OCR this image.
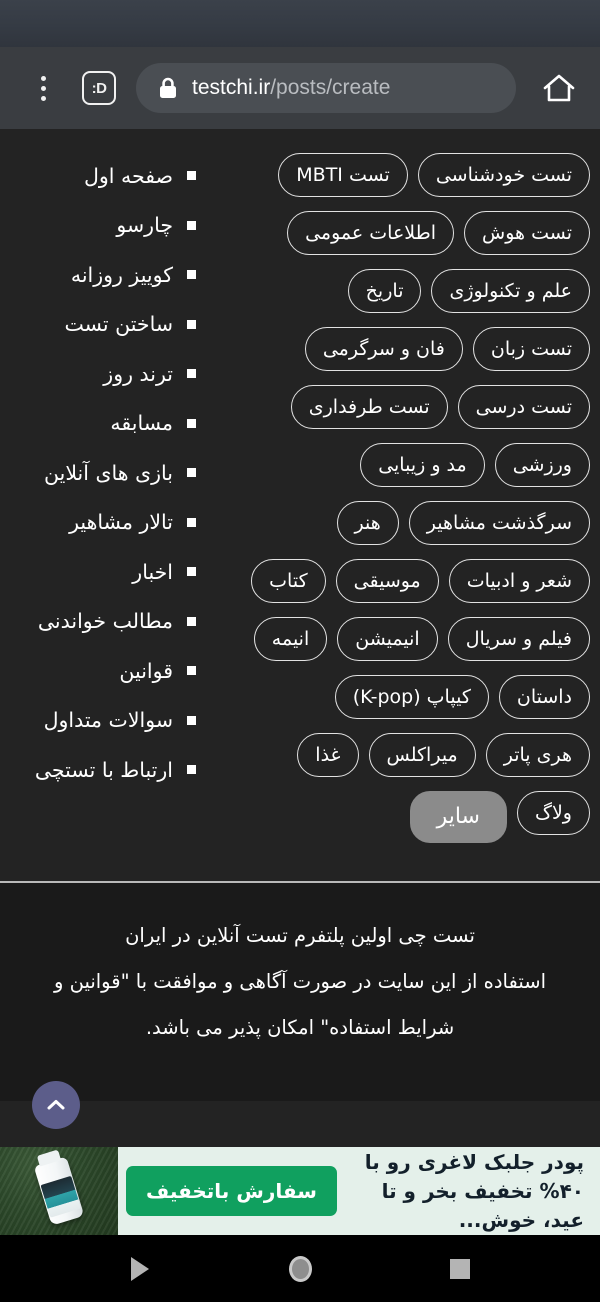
:D	testchi.ir/posts/create
تست خودشناسی
تست MBTI
تست هوش
اطلاعات عمومی
علم و تکنولوژی
تاریخ
تست زبان
فان و سرگرمی
تست درسی
تست طرفداری
ورزشی
مد و زیبایی
سرگذشت مشاهیر
هنر
شعر و ادبیات
موسیقی
کتاب
فیلم و سریال
انیمیشن
انیمه
داستان
کیپاپ (K-pop)
هری پاتر
میراکلس
غذا
ولاگ
سایر
صفحه اول
چارسو
کوییز روزانه
ساختن تست
ترند روز
مسابقه
بازی های آنلاین
تالار مشاهیر
اخبار
مطالب خواندنی
قوانین
سوالات متداول
ارتباط با تستچی

تست چی اولین پلتفرم تست آنلاین در ایران

استفاده از این سایت در صورت آگاهی و موافقت با "قوانین و شرایط استفاده" امکان پذیر می باشد.

پودر جلبک لاغری رو با ۴۰% تخفیف بخر و تا عید، خوش...
سفارش باتخفیف
